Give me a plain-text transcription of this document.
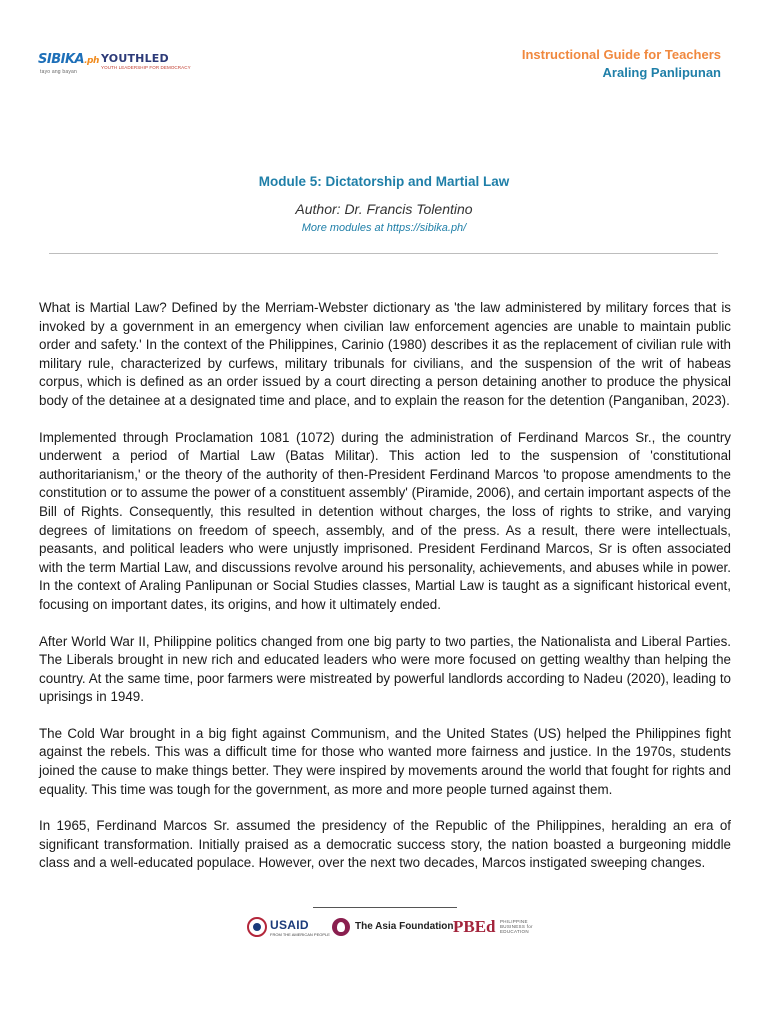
SIBIKA.ph
tayo ang bayan
YOUTHLED
YOUTH LEADERSHIP FOR DEMOCRACY
Instructional Guide for Teachers
Araling Panlipunan
Module 5: Dictatorship and Martial Law
Author: Dr. Francis Tolentino
More modules at https://sibika.ph/

What is Martial Law? Defined by the Merriam-Webster dictionary as 'the law administered by military forces that is invoked by a government in an emergency when civilian law enforcement agencies are unable to maintain public order and safety.' In the context of the Philippines, Carinio (1980) describes it as the replacement of civilian rule with military rule, characterized by curfews, military tribunals for civilians, and the suspension of the writ of habeas corpus, which is defined as an order issued by a court directing a person detaining another to produce the physical body of the detainee at a designated time and place, and to explain the reason for the detention (Panganiban, 2023).

Implemented through Proclamation 1081 (1072) during the administration of Ferdinand Marcos Sr., the country underwent a period of Martial Law (Batas Militar). This action led to the suspension of 'constitutional authoritarianism,' or the theory of the authority of then-President Ferdinand Marcos 'to propose amendments to the constitution or to assume the power of a constituent assembly' (Piramide, 2006), and certain important aspects of the Bill of Rights. Consequently, this resulted in detention without charges, the loss of rights to strike, and varying degrees of limitations on freedom of speech, assembly, and of the press. As a result, there were intellectuals, peasants, and political leaders who were unjustly imprisoned. President Ferdinand Marcos, Sr is often associated with the term Martial Law, and discussions revolve around his personality, achievements, and abuses while in power. In the context of Araling Panlipunan or Social Studies classes, Martial Law is taught as a significant historical event, focusing on important dates, its origins, and how it ultimately ended.

After World War II, Philippine politics changed from one big party to two parties, the Nationalista and Liberal Parties. The Liberals brought in new rich and educated leaders who were more focused on getting wealthy than helping the country. At the same time, poor farmers were mistreated by powerful landlords according to Nadeu (2020), leading to uprisings in 1949.

The Cold War brought in a big fight against Communism, and the United States (US) helped the Philippines fight against the rebels. This was a difficult time for those who wanted more fairness and justice. In the 1970s, students joined the cause to make things better. They were inspired by movements around the world that fought for rights and equality. This time was tough for the government, as more and more people turned against them.

In 1965, Ferdinand Marcos Sr. assumed the presidency of the Republic of the Philippines, heralding an era of significant transformation. Initially praised as a democratic success story, the nation boasted a burgeoning middle class and a well-educated populace. However, over the next two decades, Marcos instigated sweeping changes.

USAID
FROM THE AMERICAN PEOPLE
The Asia Foundation PBEd PHILIPPINE
BUSINESS for
EDUCATION
